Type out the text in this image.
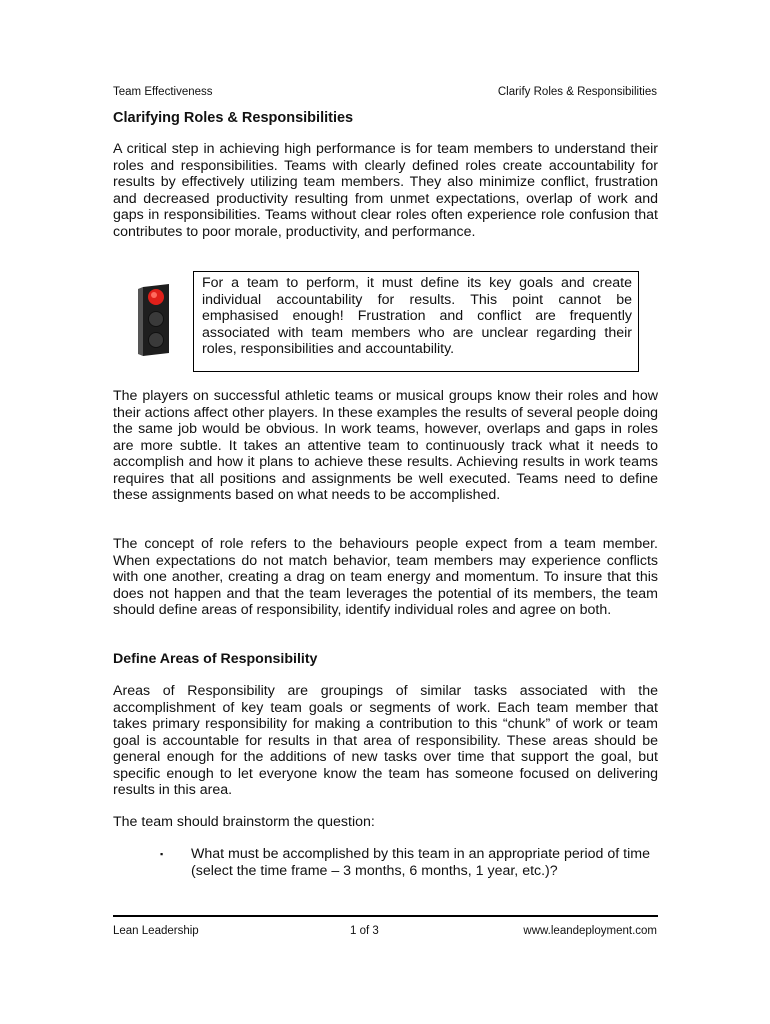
Team Effectiveness	Clarify Roles & Responsibilities
Clarifying Roles & Responsibilities

A critical step in achieving high performance is for team members to understand their roles and responsibilities. Teams with clearly defined roles create accountability for results by effectively utilizing team members. They also minimize conflict, frustration and decreased productivity resulting from unmet expectations, overlap of work and gaps in responsibilities. Teams without clear roles often experience role confusion that contributes to poor morale, productivity, and performance.

For a team to perform, it must define its key goals and create individual accountability for results. This point cannot be emphasised enough! Frustration and conflict are frequently associated with team members who are unclear regarding their roles, responsibilities and accountability.

The players on successful athletic teams or musical groups know their roles and how their actions affect other players. In these examples the results of several people doing the same job would be obvious. In work teams, however, overlaps and gaps in roles are more subtle. It takes an attentive team to continuously track what it needs to accomplish and how it plans to achieve these results. Achieving results in work teams requires that all positions and assignments be well executed. Teams need to define these assignments based on what needs to be accomplished.

The concept of role refers to the behaviours people expect from a team member. When expectations do not match behavior, team members may experience conflicts with one another, creating a drag on team energy and momentum. To insure that this does not happen and that the team leverages the potential of its members, the team should define areas of responsibility, identify individual roles and agree on both.

Define Areas of Responsibility

Areas of Responsibility are groupings of similar tasks associated with the accomplishment of key team goals or segments of work. Each team member that takes primary responsibility for making a contribution to this “chunk” of work or team goal is accountable for results in that area of responsibility. These areas should be general enough for the additions of new tasks over time that support the goal, but specific enough to let everyone know the team has someone focused on delivering results in this area.

The team should brainstorm the question:

▪	What must be accomplished by this team in an appropriate period of time (select the time frame – 3 months, 6 months, 1 year, etc.)?
Lean Leadership	1 of 3	www.leandeployment.com
